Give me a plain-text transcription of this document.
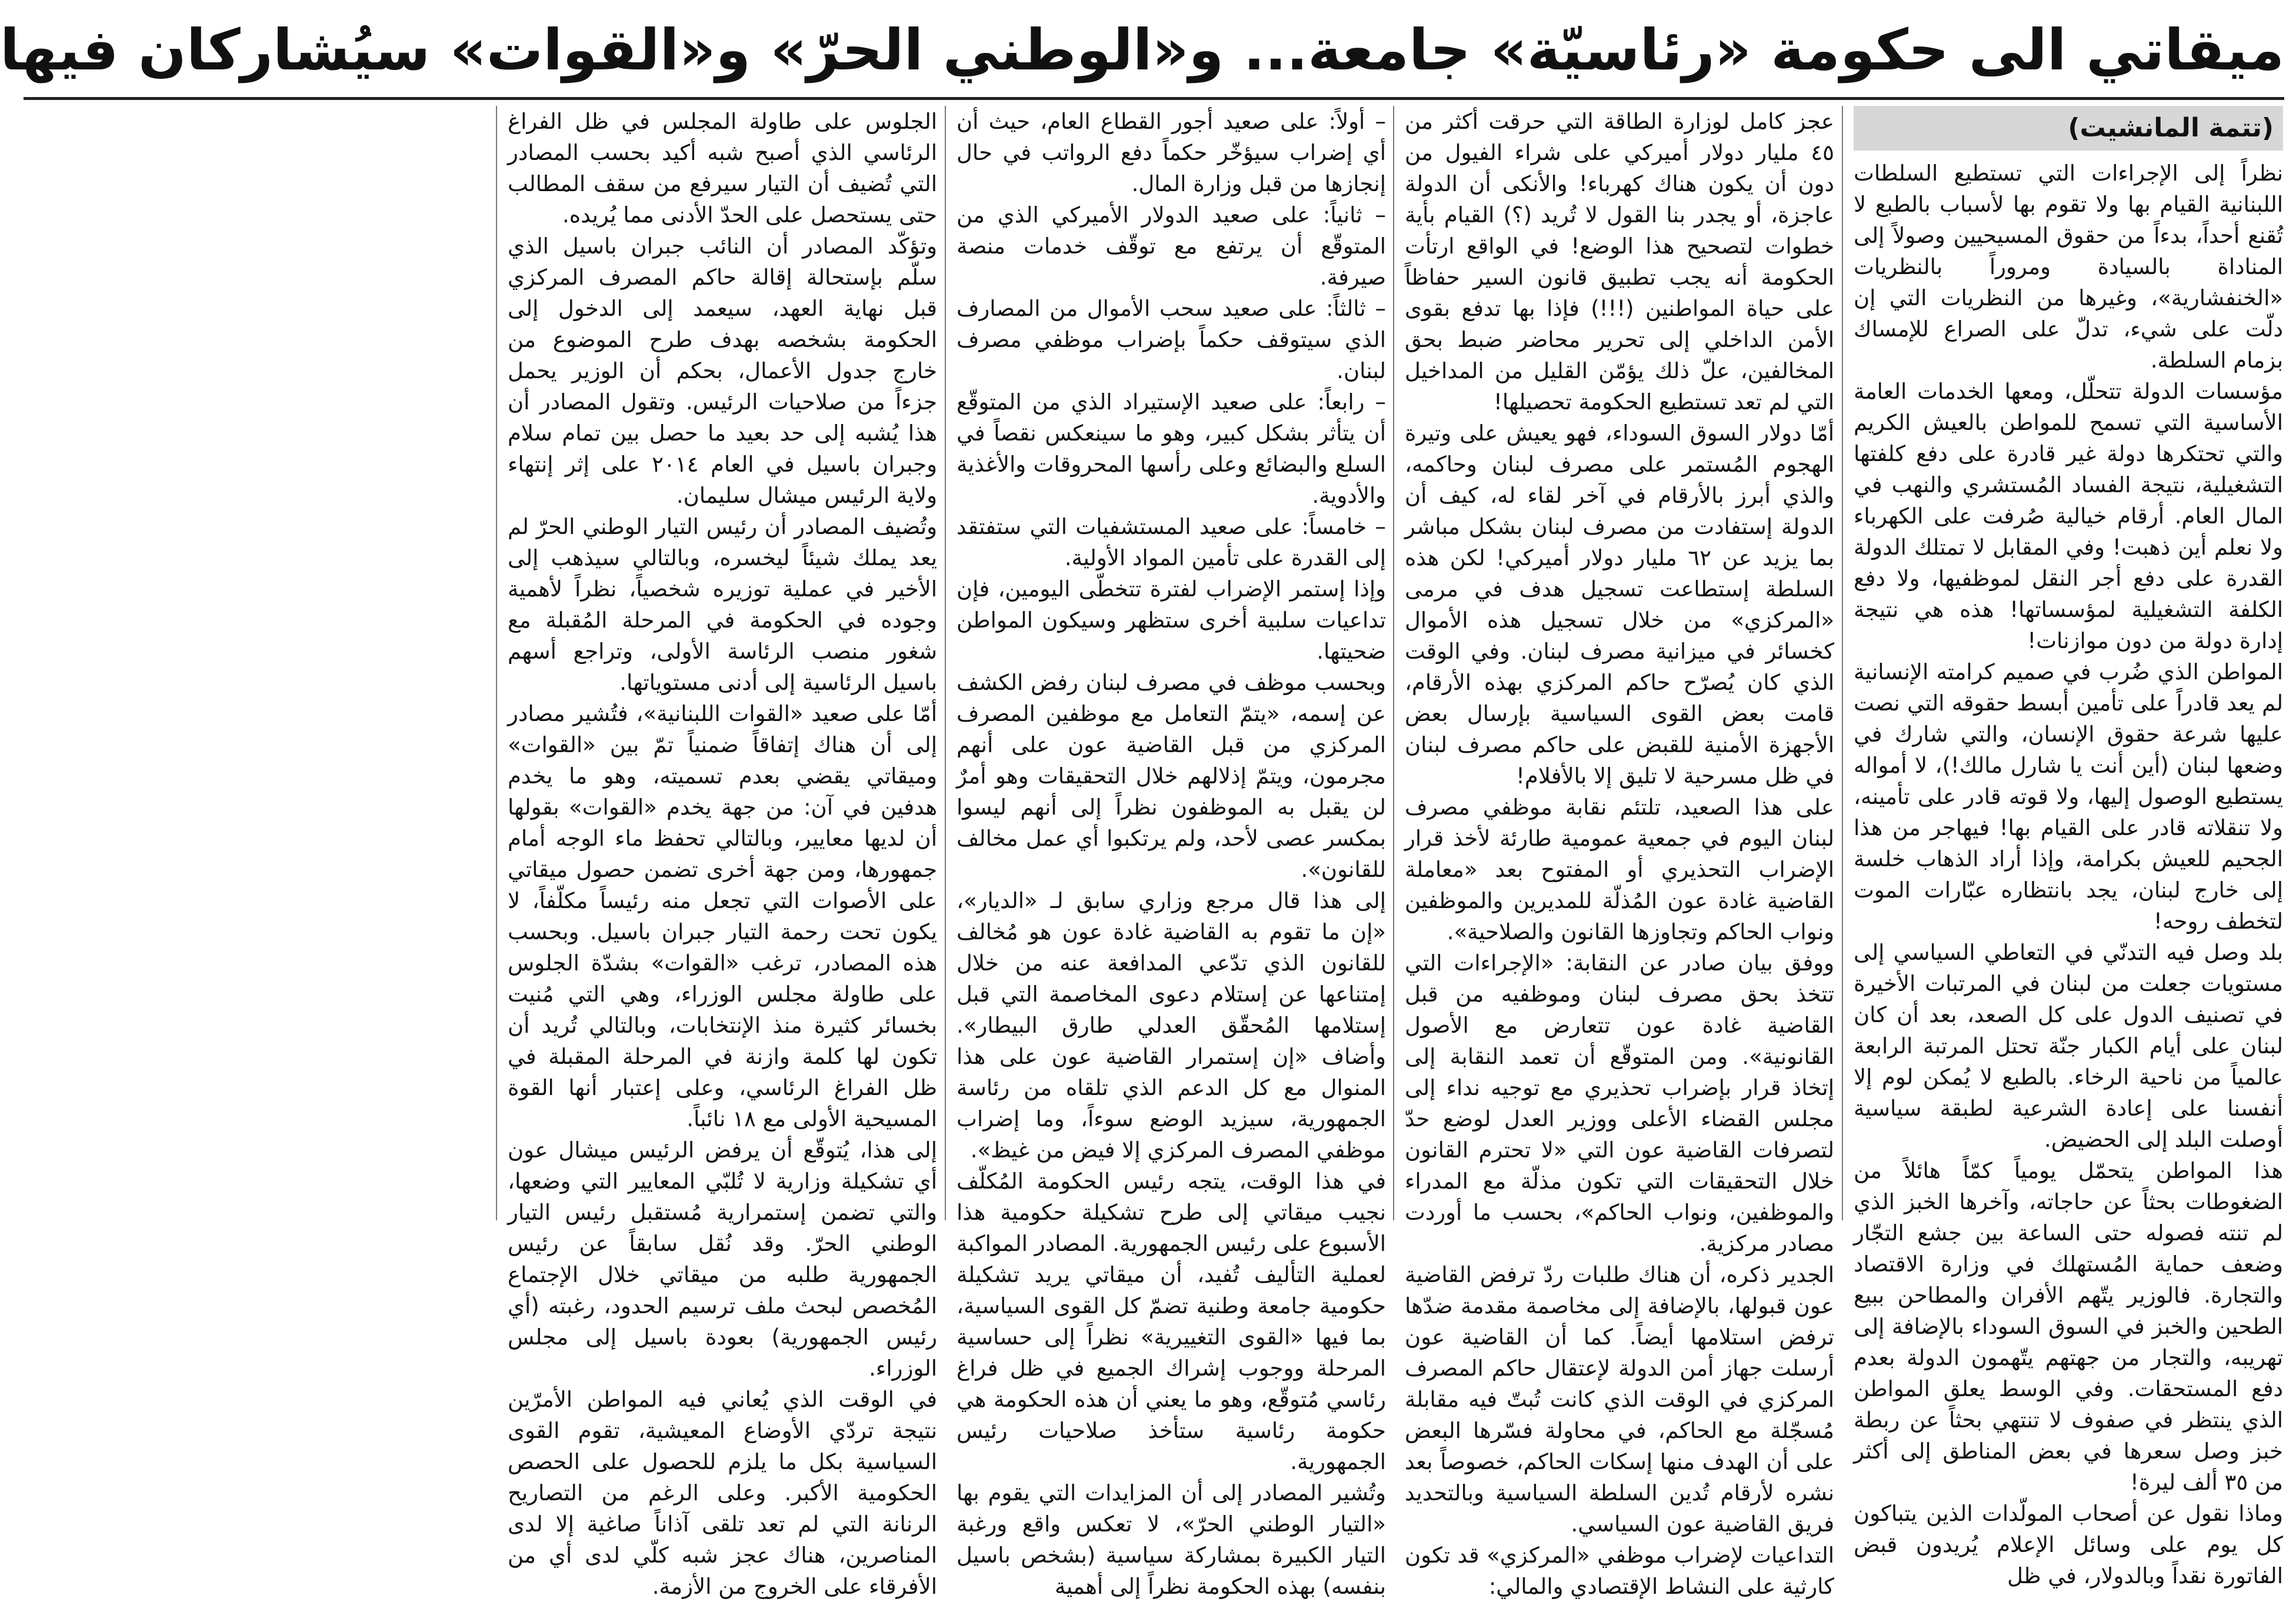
ميقاتي الى حكومة «رئاسيّة» جامعة... و«الوطني الحرّ» و«القوات» سيُشاركان فيها
(تتمة المانشيت)

نظراً إلى الإجراءات التي تستطيع السلطات اللبنانية القيام بها ولا تقوم بها لأسباب بالطبع لا تُقنع أحداً، بدءاً من حقوق المسيحيين وصولاً إلى المناداة بالسيادة ومروراً بالنظريات «الخنفشارية»، وغيرها من النظريات التي إن دلّت على شيء، تدلّ على الصراع للإمساك بزمام السلطة.

مؤسسات الدولة تتحلّل، ومعها الخدمات العامة الأساسية التي تسمح للمواطن بالعيش الكريم والتي تحتكرها دولة غير قادرة على دفع كلفتها التشغيلية، نتيجة الفساد المُستشري والنهب في المال العام. أرقام خيالية صُرفت على الكهرباء ولا نعلم أين ذهبت! وفي المقابل لا تمتلك الدولة القدرة على دفع أجر النقل لموظفيها، ولا دفع الكلفة التشغيلية لمؤسساتها! هذه هي نتيجة إدارة دولة من دون موازنات!

المواطن الذي ضُرب في صميم كرامته الإنسانية لم يعد قادراً على تأمين أبسط حقوقه التي نصت عليها شرعة حقوق الإنسان، والتي شارك في وضعها لبنان (أين أنت يا شارل مالك!)، لا أمواله يستطيع الوصول إليها، ولا قوته قادر على تأمينه، ولا تنقلاته قادر على القيام بها! فيهاجر من هذا الجحيم للعيش بكرامة، وإذا أراد الذهاب خلسة إلى خارج لبنان، يجد بانتظاره عبّارات الموت لتخطف روحه!

بلد وصل فيه التدنّي في التعاطي السياسي إلى مستويات جعلت من لبنان في المرتبات الأخيرة في تصنيف الدول على كل الصعد، بعد أن كان لبنان على أيام الكبار جنّة تحتل المرتبة الرابعة عالمياً من ناحية الرخاء. بالطبع لا يُمكن لوم إلا أنفسنا على إعادة الشرعية لطبقة سياسية أوصلت البلد إلى الحضيض.

هذا المواطن يتحمّل يومياً كمّاً هائلاً من الضغوطات بحثاً عن حاجاته، وآخرها الخبز الذي لم تنته فصوله حتى الساعة بين جشع التجّار وضعف حماية المُستهلك في وزارة الاقتصاد والتجارة. فالوزير يتّهم الأفران والمطاحن ببيع الطحين والخبز في السوق السوداء بالإضافة إلى تهريبه، والتجار من جهتهم يتّهمون الدولة بعدم دفع المستحقات. وفي الوسط يعلق المواطن الذي ينتظر في صفوف لا تنتهي بحثاً عن ربطة خبز وصل سعرها في بعض المناطق إلى أكثر من ٣٥ ألف ليرة!

وماذا نقول عن أصحاب المولّدات الذين يتباكون كل يوم على وسائل الإعلام يُريدون قبض الفاتورة نقداً وبالدولار، في ظل

عجز كامل لوزارة الطاقة التي حرقت أكثر من ٤٥ مليار دولار أميركي على شراء الفيول من دون أن يكون هناك كهرباء! والأنكى أن الدولة عاجزة، أو يجدر بنا القول لا تُريد (؟) القيام بأية خطوات لتصحيح هذا الوضع! في الواقع ارتأت الحكومة أنه يجب تطبيق قانون السير حفاظاً على حياة المواطنين (!!!) فإذا بها تدفع بقوى الأمن الداخلي إلى تحرير محاضر ضبط بحق المخالفين، علّ ذلك يؤمّن القليل من المداخيل التي لم تعد تستطيع الحكومة تحصيلها!

أمّا دولار السوق السوداء، فهو يعيش على وتيرة الهجوم المُستمر على مصرف لبنان وحاكمه، والذي أبرز بالأرقام في آخر لقاء له، كيف أن الدولة إستفادت من مصرف لبنان بشكل مباشر بما يزيد عن ٦٢ مليار دولار أميركي! لكن هذه السلطة إستطاعت تسجيل هدف في مرمى «المركزي» من خلال تسجيل هذه الأموال كخسائر في ميزانية مصرف لبنان. وفي الوقت الذي كان يُصرّح حاكم المركزي بهذه الأرقام، قامت بعض القوى السياسية بإرسال بعض الأجهزة الأمنية للقبض على حاكم مصرف لبنان في ظل مسرحية لا تليق إلا بالأفلام!

على هذا الصعيد، تلتئم نقابة موظفي مصرف لبنان اليوم في جمعية عمومية طارئة لأخذ قرار الإضراب التحذيري أو المفتوح بعد «معاملة القاضية غادة عون المُذلّة للمديرين والموظفين ونواب الحاكم وتجاوزها القانون والصلاحية».

ووفق بيان صادر عن النقابة: «الإجراءات التي تتخذ بحق مصرف لبنان وموظفيه من قبل القاضية غادة عون تتعارض مع الأصول القانونية». ومن المتوقّع أن تعمد النقابة إلى إتخاذ قرار بإضراب تحذيري مع توجيه نداء إلى مجلس القضاء الأعلى ووزير العدل لوضع حدّ لتصرفات القاضية عون التي «لا تحترم القانون خلال التحقيقات التي تكون مذلّة مع المدراء والموظفين، ونواب الحاكم»، بحسب ما أوردت مصادر مركزية.

الجدير ذكره، أن هناك طلبات ردّ ترفض القاضية عون قبولها، بالإضافة إلى مخاصمة مقدمة ضدّها ترفض استلامها أيضاً. كما أن القاضية عون أرسلت جهاز أمن الدولة لإعتقال حاكم المصرف المركزي في الوقت الذي كانت تُبتّ فيه مقابلة مُسجّلة مع الحاكم، في محاولة فسّرها البعض على أن الهدف منها إسكات الحاكم، خصوصاً بعد نشره لأرقام تُدين السلطة السياسية وبالتحديد فريق القاضية عون السياسي.

التداعيات لإضراب موظفي «المركزي» قد تكون كارثية على النشاط الإقتصادي والمالي:

– أولاً: على صعيد أجور القطاع العام، حيث أن أي إضراب سيؤخّر حكماً دفع الرواتب في حال إنجازها من قبل وزارة المال.

– ثانياً: على صعيد الدولار الأميركي الذي من المتوقّع أن يرتفع مع توقّف خدمات منصة صيرفة.

– ثالثاً: على صعيد سحب الأموال من المصارف الذي سيتوقف حكماً بإضراب موظفي مصرف لبنان.

– رابعاً: على صعيد الإستيراد الذي من المتوقّع أن يتأثر بشكل كبير، وهو ما سينعكس نقصاً في السلع والبضائع وعلى رأسها المحروقات والأغذية والأدوية.

– خامساً: على صعيد المستشفيات التي ستفتقد إلى القدرة على تأمين المواد الأولية.

وإذا إستمر الإضراب لفترة تتخطّى اليومين، فإن تداعيات سلبية أخرى ستظهر وسيكون المواطن ضحيتها.

وبحسب موظف في مصرف لبنان رفض الكشف عن إسمه، «يتمّ التعامل مع موظفين المصرف المركزي من قبل القاضية عون على أنهم مجرمون، ويتمّ إذلالهم خلال التحقيقات وهو أمرٌ لن يقبل به الموظفون نظراً إلى أنهم ليسوا بمكسر عصى لأحد، ولم يرتكبوا أي عمل مخالف للقانون».

إلى هذا قال مرجع وزاري سابق لـ «الديار»، «إن ما تقوم به القاضية غادة عون هو مُخالف للقانون الذي تدّعي المدافعة عنه من خلال إمتناعها عن إستلام دعوى المخاصمة التي قبل إستلامها المُحقّق العدلي طارق البيطار». وأضاف «إن إستمرار القاضية عون على هذا المنوال مع كل الدعم الذي تلقاه من رئاسة الجمهورية، سيزيد الوضع سوءاً، وما إضراب موظفي المصرف المركزي إلا فيض من غيظ».

في هذا الوقت، يتجه رئيس الحكومة المُكلّف نجيب ميقاتي إلى طرح تشكيلة حكومية هذا الأسبوع على رئيس الجمهورية. المصادر المواكبة لعملية التأليف تُفيد، أن ميقاتي يريد تشكيلة حكومية جامعة وطنية تضمّ كل القوى السياسية، بما فيها «القوى التغييرية» نظراً إلى حساسية المرحلة ووجوب إشراك الجميع في ظل فراغ رئاسي مُتوقّع، وهو ما يعني أن هذه الحكومة هي حكومة رئاسية ستأخذ صلاحيات رئيس الجمهورية.

وتُشير المصادر إلى أن المزايدات التي يقوم بها «التيار الوطني الحرّ»، لا تعكس واقع ورغبة التيار الكبيرة بمشاركة سياسية (بشخص باسيل بنفسه) بهذه الحكومة نظراً إلى أهمية

الجلوس على طاولة المجلس في ظل الفراغ الرئاسي الذي أصبح شبه أكيد بحسب المصادر التي تُضيف أن التيار سيرفع من سقف المطالب حتى يستحصل على الحدّ الأدنى مما يُريده.

وتؤكّد المصادر أن النائب جبران باسيل الذي سلّم بإستحالة إقالة حاكم المصرف المركزي قبل نهاية العهد، سيعمد إلى الدخول إلى الحكومة بشخصه بهدف طرح الموضوع من خارج جدول الأعمال، بحكم أن الوزير يحمل جزءاً من صلاحيات الرئيس. وتقول المصادر أن هذا يُشبه إلى حد بعيد ما حصل بين تمام سلام وجبران باسيل في العام ٢٠١٤ على إثر إنتهاء ولاية الرئيس ميشال سليمان.

وتُضيف المصادر أن رئيس التيار الوطني الحرّ لم يعد يملك شيئاً ليخسره، وبالتالي سيذهب إلى الأخير في عملية توزيره شخصياً، نظراً لأهمية وجوده في الحكومة في المرحلة المُقبلة مع شغور منصب الرئاسة الأولى، وتراجع أسهم باسيل الرئاسية إلى أدنى مستوياتها.

أمّا على صعيد «القوات اللبنانية»، فتُشير مصادر إلى أن هناك إتفاقاً ضمنياً تمّ بين «القوات» وميقاتي يقضي بعدم تسميته، وهو ما يخدم هدفين في آن: من جهة يخدم «القوات» بقولها أن لديها معايير، وبالتالي تحفظ ماء الوجه أمام جمهورها، ومن جهة أخرى تضمن حصول ميقاتي على الأصوات التي تجعل منه رئيساً مكلّفاً، لا يكون تحت رحمة التيار جبران باسيل. وبحسب هذه المصادر، ترغب «القوات» بشدّة الجلوس على طاولة مجلس الوزراء، وهي التي مُنيت بخسائر كثيرة منذ الإنتخابات، وبالتالي تُريد أن تكون لها كلمة وازنة في المرحلة المقبلة في ظل الفراغ الرئاسي، وعلى إعتبار أنها القوة المسيحية الأولى مع ١٨ نائباً.

إلى هذا، يُتوقّع أن يرفض الرئيس ميشال عون أي تشكيلة وزارية لا تُلبّي المعايير التي وضعها، والتي تضمن إستمرارية مُستقبل رئيس التيار الوطني الحرّ. وقد نُقل سابقاً عن رئيس الجمهورية طلبه من ميقاتي خلال الإجتماع المُخصص لبحث ملف ترسيم الحدود، رغبته (أي رئيس الجمهورية) بعودة باسيل إلى مجلس الوزراء.

في الوقت الذي يُعاني فيه المواطن الأمرّين نتيجة تردّي الأوضاع المعيشية، تقوم القوى السياسية بكل ما يلزم للحصول على الحصص الحكومية الأكبر. وعلى الرغم من التصاريح الرنانة التي لم تعد تلقى آذاناً صاغية إلا لدى المناصرين، هناك عجز شبه كلّي لدى أي من الأفرقاء على الخروج من الأزمة.
